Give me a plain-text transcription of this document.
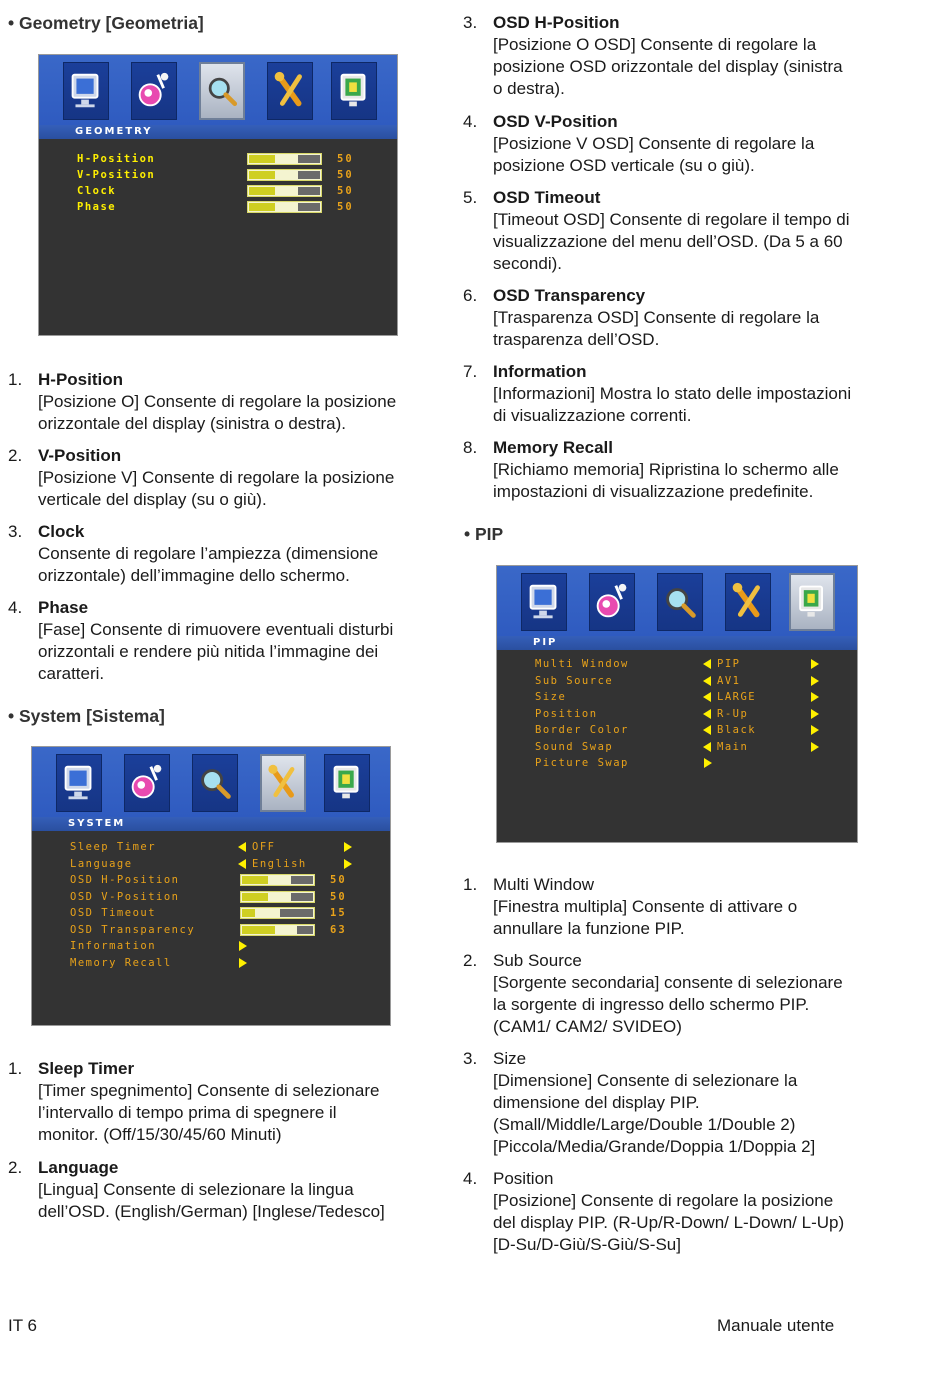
• Geometry [Geometria]
GEOMETRY
H-Position	50
V-Position	50
Clock	50
Phase	50
1. H-Position
[Posizione O] Consente di regolare la posizione
orizzontale del display (sinistra o destra).
2. V-Position
[Posizione V] Consente di regolare la posizione
verticale del display (su o giù).
3. Clock
Consente di regolare l’ampiezza (dimensione
orizzontale) dell’immagine dello schermo.
4. Phase
[Fase] Consente di rimuovere eventuali disturbi
orizzontali e rendere più nitida l’immagine dei
caratteri.
• System [Sistema]
SYSTEM
Sleep Timer	OFF
Language	English
OSD H-Position	50
OSD V-Position	50
OSD Timeout	15
OSD Transparency	63
Information
Memory Recall
1. Sleep Timer
[Timer spegnimento] Consente di selezionare
l’intervallo di tempo prima di spegnere il
monitor. (Off/15/30/45/60 Minuti)
2. Language
[Lingua] Consente di selezionare la lingua
dell’OSD. (English/German) [Inglese/Tedesco]
3. OSD H-Position
[Posizione O OSD] Consente di regolare la
posizione OSD orizzontale del display (sinistra
o destra).
4. OSD V-Position
[Posizione V OSD] Consente di regolare la
posizione OSD verticale (su o giù).
5. OSD Timeout
[Timeout OSD] Consente di regolare il tempo di
visualizzazione del menu dell’OSD. (Da 5 a 60
secondi).
6. OSD Transparency
[Trasparenza OSD] Consente di regolare la
trasparenza dell’OSD.
7. Information
[Informazioni] Mostra lo stato delle impostazioni
di visualizzazione correnti.
8. Memory Recall
[Richiamo memoria] Ripristina lo schermo alle
impostazioni di visualizzazione predefinite.
• PIP
PIP
Multi Window	PIP
Sub Source	AV1
Size	LARGE
Position	R-Up
Border Color	Black
Sound Swap	Main
Picture Swap
1. Multi Window
[Finestra multipla] Consente di attivare o
annullare la funzione PIP.
2. Sub Source
[Sorgente secondaria] consente di selezionare
la sorgente di ingresso dello schermo PIP.
(CAM1/ CAM2/ SVIDEO)
3. Size
[Dimensione] Consente di selezionare la
dimensione del display PIP.
(Small/Middle/Large/Double 1/Double 2)
[Piccola/Media/Grande/Doppia 1/Doppia 2]
4. Position
[Posizione] Consente di regolare la posizione
del display PIP. (R-Up/R-Down/ L-Down/ L-Up)
[D-Su/D-Giù/S-Giù/S-Su]
IT 6	Manuale utente
